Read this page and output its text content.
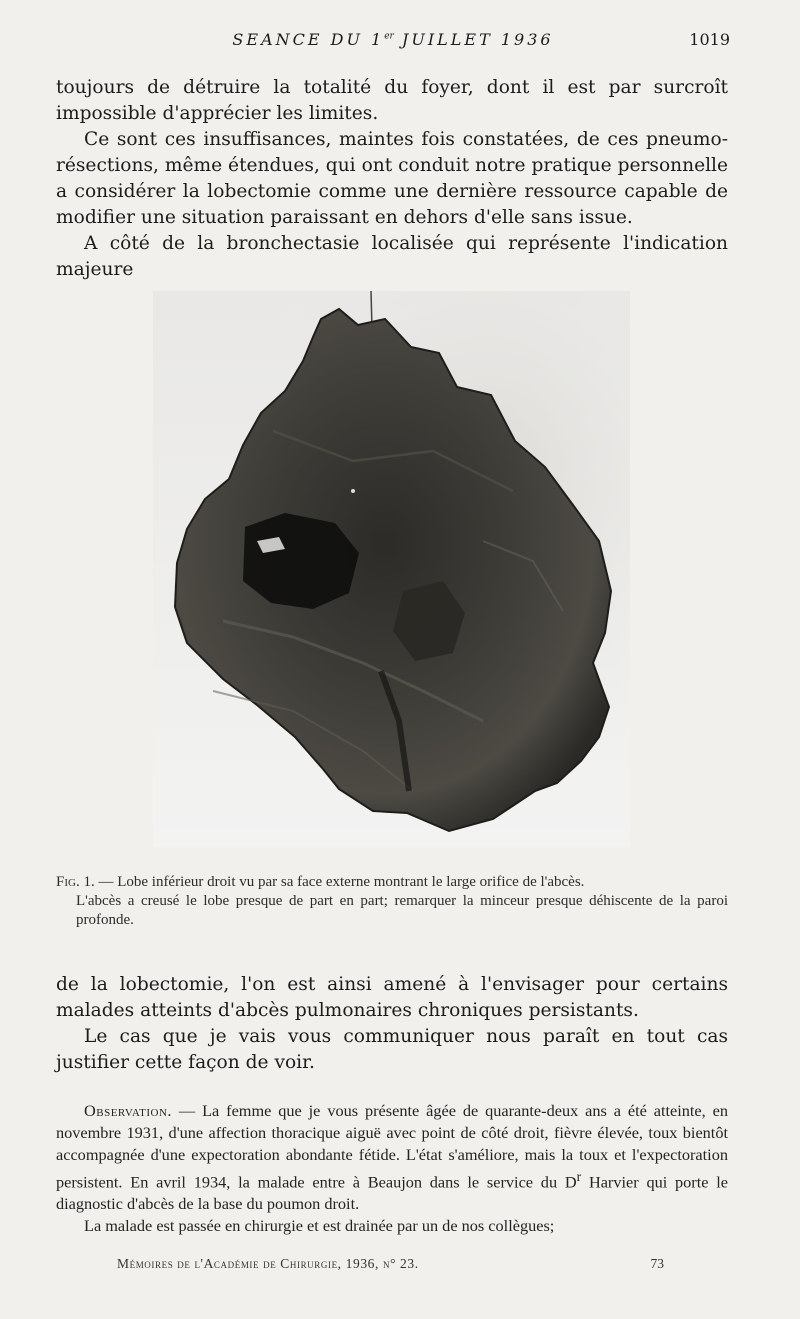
SEANCE DU 1er JUILLET 1936	1019

toujours de détruire la totalité du foyer, dont il est par surcroît impossible d'apprécier les limites.

Ce sont ces insuffisances, maintes fois constatées, de ces pneumo-résections, même étendues, qui ont conduit notre pratique personnelle a considérer la lobectomie comme une dernière ressource capable de modifier une situation paraissant en dehors d'elle sans issue.

A côté de la bronchectasie localisée qui représente l'indication majeure

Fig. 1. — Lobe inférieur droit vu par sa face externe montrant le large orifice de l'abcès.
L'abcès a creusé le lobe presque de part en part; remarquer la minceur presque déhiscente de la paroi profonde.

de la lobectomie, l'on est ainsi amené à l'envisager pour certains malades atteints d'abcès pulmonaires chroniques persistants.

Le cas que je vais vous communiquer nous paraît en tout cas justifier cette façon de voir.

Observation. — La femme que je vous présente âgée de quarante-deux ans a été atteinte, en novembre 1931, d'une affection thoracique aiguë avec point de côté droit, fièvre élevée, toux bientôt accompagnée d'une expectoration abondante fétide. L'état s'améliore, mais la toux et l'expectoration persistent. En avril 1934, la malade entre à Beaujon dans le service du $D^r$ Harvier qui porte le diagnostic d'abcès de la base du poumon droit.
La malade est passée en chirurgie et est drainée par un de nos collègues;
Mémoires de l'Académie de Chirurgie, 1936, n° 23.	73
